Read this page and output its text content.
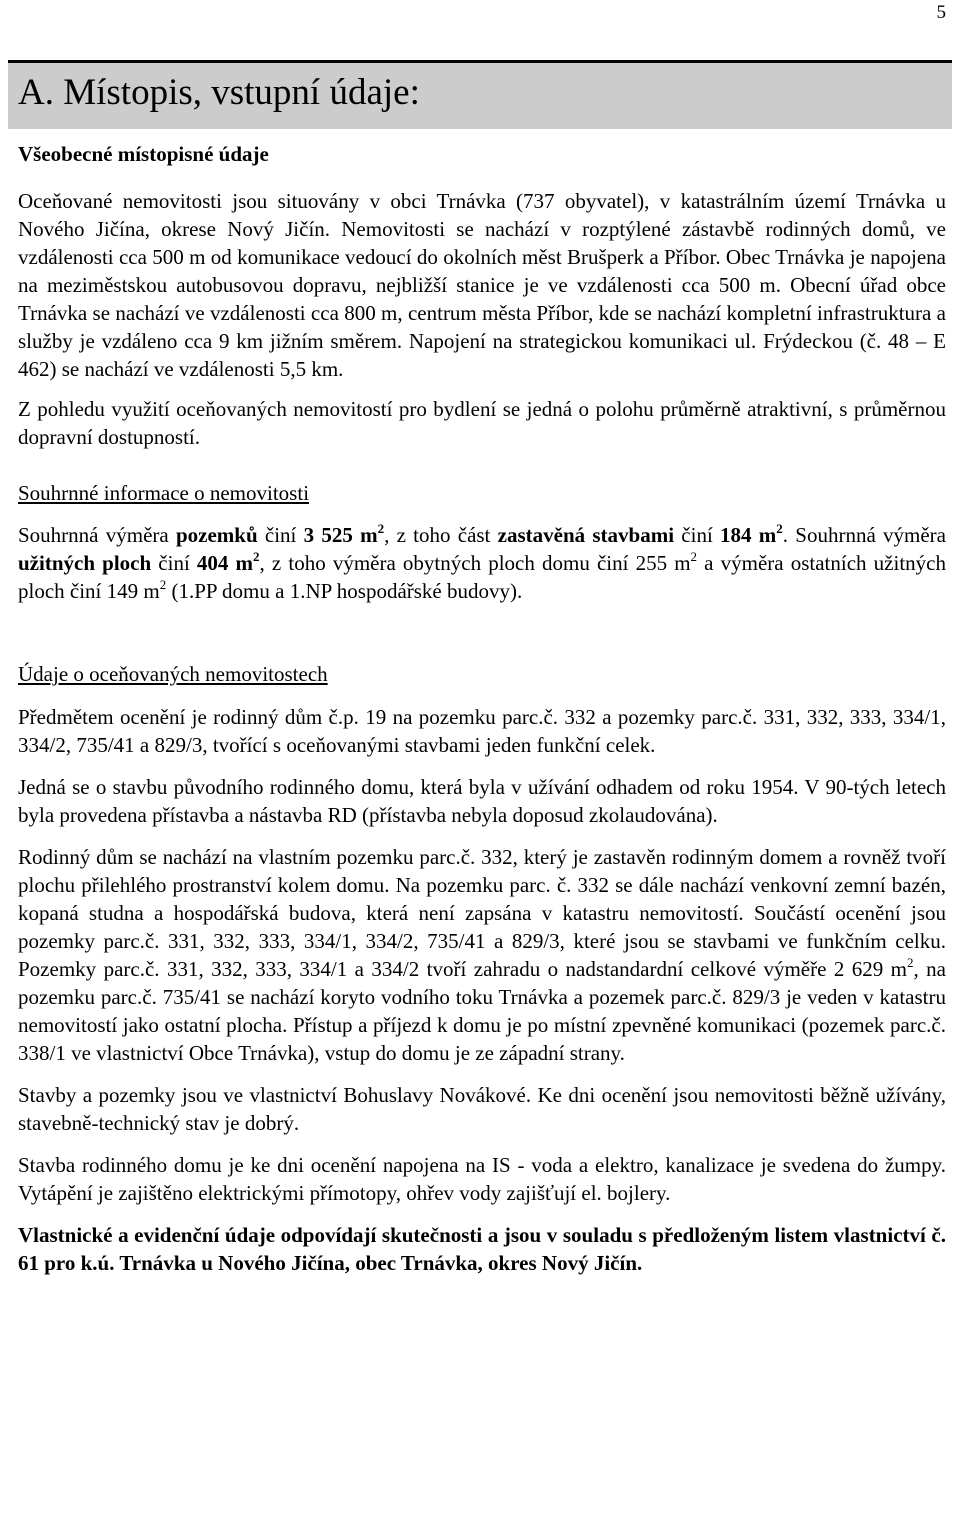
5
A. Místopis, vstupní údaje:

Všeobecné místopisné údaje

Oceňované nemovitosti jsou situovány v obci Trnávka (737 obyvatel), v katastrálním území Trnávka u Nového Jičína, okrese Nový Jičín. Nemovitosti se nachází v rozptýlené zástavbě rodinných domů, ve vzdálenosti cca 500 m od komunikace vedoucí do okolních měst Brušperk a Příbor. Obec Trnávka je napojena na meziměstskou autobusovou dopravu, nejbližší stanice je ve vzdálenosti cca 500 m. Obecní úřad obce Trnávka se nachází ve vzdálenosti cca 800 m, centrum města Příbor, kde se nachází kompletní infrastruktura a služby je vzdáleno cca 9 km jižním směrem. Napojení na strategickou komunikaci ul. Frýdeckou (č. 48 – E 462) se nachází ve vzdálenosti 5,5 km.

Z pohledu využití oceňovaných nemovitostí pro bydlení se jedná o polohu průměrně atraktivní, s průměrnou dopravní dostupností.

Souhrnné informace o nemovitosti

Souhrnná výměra pozemků činí 3 525 $m^2$, z toho část zastavěná stavbami činí 184 $m^2$. Souhrnná výměra užitných ploch činí 404 $m^2$, z toho výměra obytných ploch domu činí 255 $m^2$ a výměra ostatních užitných ploch činí 149 $m^2$ (1.PP domu a 1.NP hospodářské budovy).

Údaje o oceňovaných nemovitostech

Předmětem ocenění je rodinný dům č.p. 19 na pozemku parc.č. 332 a pozemky parc.č. 331, 332, 333, 334/1, 334/2, 735/41 a 829/3, tvořící s oceňovanými stavbami jeden funkční celek.

Jedná se o stavbu původního rodinného domu, která byla v užívání odhadem od roku 1954. V 90-tých letech byla provedena přístavba a nástavba RD (přístavba nebyla doposud zkolaudována).

Rodinný dům se nachází na vlastním pozemku parc.č. 332, který je zastavěn rodinným domem a rovněž tvoří plochu přilehlého prostranství kolem domu. Na pozemku parc. č. 332 se dále nachází venkovní zemní bazén, kopaná studna a hospodářská budova, která není zapsána v katastru nemovitostí. Součástí ocenění jsou pozemky parc.č. 331, 332, 333, 334/1, 334/2, 735/41 a 829/3, které jsou se stavbami ve funkčním celku. Pozemky parc.č. 331, 332, 333, 334/1 a 334/2 tvoří zahradu o nadstandardní celkové výměře 2 629 $m^2$, na pozemku parc.č. 735/41 se nachází koryto vodního toku Trnávka a pozemek parc.č. 829/3 je veden v katastru nemovitostí jako ostatní plocha. Přístup a příjezd k domu je po místní zpevněné komunikaci (pozemek parc.č. 338/1 ve vlastnictví Obce Trnávka), vstup do domu je ze západní strany.

Stavby a pozemky jsou ve vlastnictví Bohuslavy Novákové. Ke dni ocenění jsou nemovitosti běžně užívány, stavebně-technický stav je dobrý.

Stavba rodinného domu je ke dni ocenění napojena na IS - voda a elektro, kanalizace je svedena do žumpy. Vytápění je zajištěno elektrickými přímotopy, ohřev vody zajišťují el. bojlery.

Vlastnické a evidenční údaje odpovídají skutečnosti a jsou v souladu s předloženým listem vlastnictví č. 61 pro k.ú. Trnávka u Nového Jičína, obec Trnávka, okres Nový Jičín.
